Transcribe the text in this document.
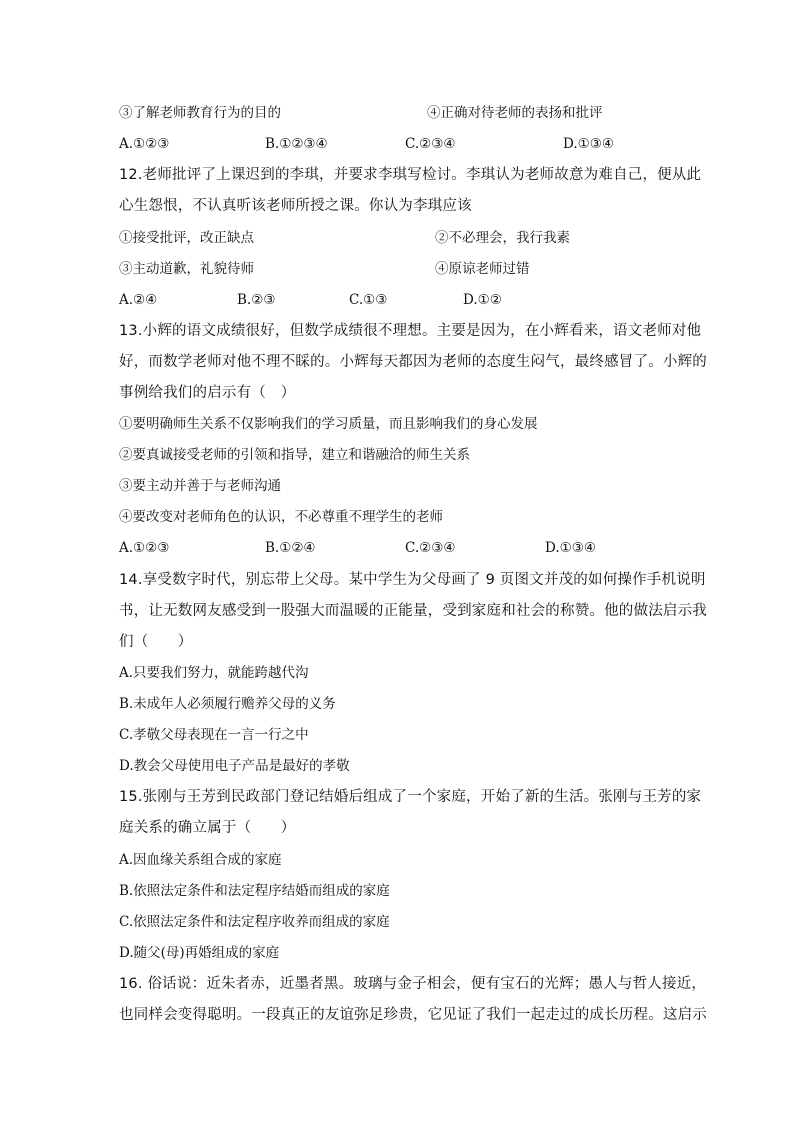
③了解老师教育行为的目的	④正确对待老师的表扬和批评
A.①②③	B.①②③④	C.②③④	D.①③④
12.老师批评了上课迟到的李琪，并要求李琪写检讨。李琪认为老师故意为难自己，便从此
心生怨恨，不认真听该老师所授之课。你认为李琪应该
①接受批评，改正缺点	②不必理会，我行我素
③主动道歉，礼貌待师	④原谅老师过错
A.②④	B.②③	C.①③	D.①②
13.小辉的语文成绩很好，但数学成绩很不理想。主要是因为，在小辉看来，语文老师对他
好，而数学老师对他不理不睬的。小辉每天都因为老师的态度生闷气，最终感冒了。小辉的
事例给我们的启示有（　）
①要明确师生关系不仅影响我们的学习质量，而且影响我们的身心发展
②要真诚接受老师的引领和指导，建立和谐融洽的师生关系
③要主动并善于与老师沟通
④要改变对老师角色的认识，不必尊重不理学生的老师
A.①②③	B.①②④	C.②③④	D.①③④
14.享受数字时代，别忘带上父母。某中学生为父母画了 9 页图文并茂的如何操作手机说明
书，让无数网友感受到一股强大而温暖的正能量，受到家庭和社会的称赞。他的做法启示我
们（　　）
A.只要我们努力，就能跨越代沟
B.未成年人必须履行赡养父母的义务
C.孝敬父母表现在一言一行之中
D.教会父母使用电子产品是最好的孝敬
15.张刚与王芳到民政部门登记结婚后组成了一个家庭，开始了新的生活。张刚与王芳的家
庭关系的确立属于（　　）
A.因血缘关系组合成的家庭
B.依照法定条件和法定程序结婚而组成的家庭
C.依照法定条件和法定程序收养而组成的家庭
D.随父(母)再婚组成的家庭
16. 俗话说：近朱者赤，近墨者黑。玻璃与金子相会，便有宝石的光辉；愚人与哲人接近，
也同样会变得聪明。一段真正的友谊弥足珍贵，它见证了我们一起走过的成长历程。这启示
